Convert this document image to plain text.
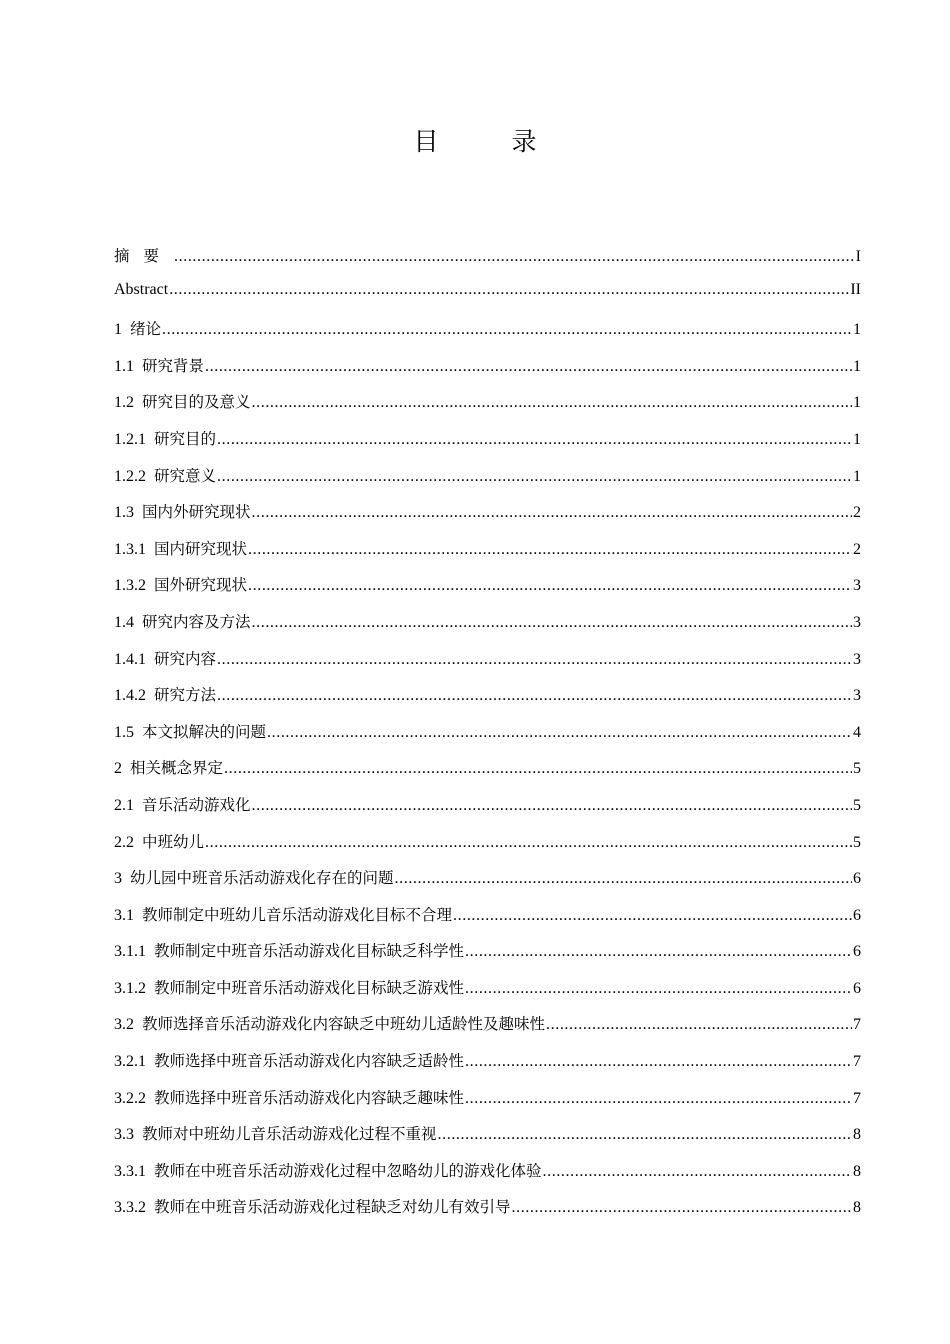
目　录
摘要 .....	I
Abstract .....	II
1 绪论 .....	1
1.1 研究背景 .....	1
1.2 研究目的及意义 .....	1
1.2.1 研究目的 .....	1
1.2.2 研究意义 .....	1
1.3 国内外研究现状 .....	2
1.3.1 国内研究现状 .....	2
1.3.2 国外研究现状 .....	3
1.4 研究内容及方法 .....	3
1.4.1 研究内容 .....	3
1.4.2 研究方法 .....	3
1.5 本文拟解决的问题 .....	4
2 相关概念界定 .....	5
2.1 音乐活动游戏化 .....	5
2.2 中班幼儿 .....	5
3 幼儿园中班音乐活动游戏化存在的问题 .....	6
3.1 教师制定中班幼儿音乐活动游戏化目标不合理 .....	6
3.1.1 教师制定中班音乐活动游戏化目标缺乏科学性 .....	6
3.1.2 教师制定中班音乐活动游戏化目标缺乏游戏性 .....	6
3.2 教师选择音乐活动游戏化内容缺乏中班幼儿适龄性及趣味性 .....	7
3.2.1 教师选择中班音乐活动游戏化内容缺乏适龄性 .....	7
3.2.2 教师选择中班音乐活动游戏化内容缺乏趣味性 .....	7
3.3 教师对中班幼儿音乐活动游戏化过程不重视 .....	8
3.3.1 教师在中班音乐活动游戏化过程中忽略幼儿的游戏化体验 .....	8
3.3.2 教师在中班音乐活动游戏化过程缺乏对幼儿有效引导 .....	8
